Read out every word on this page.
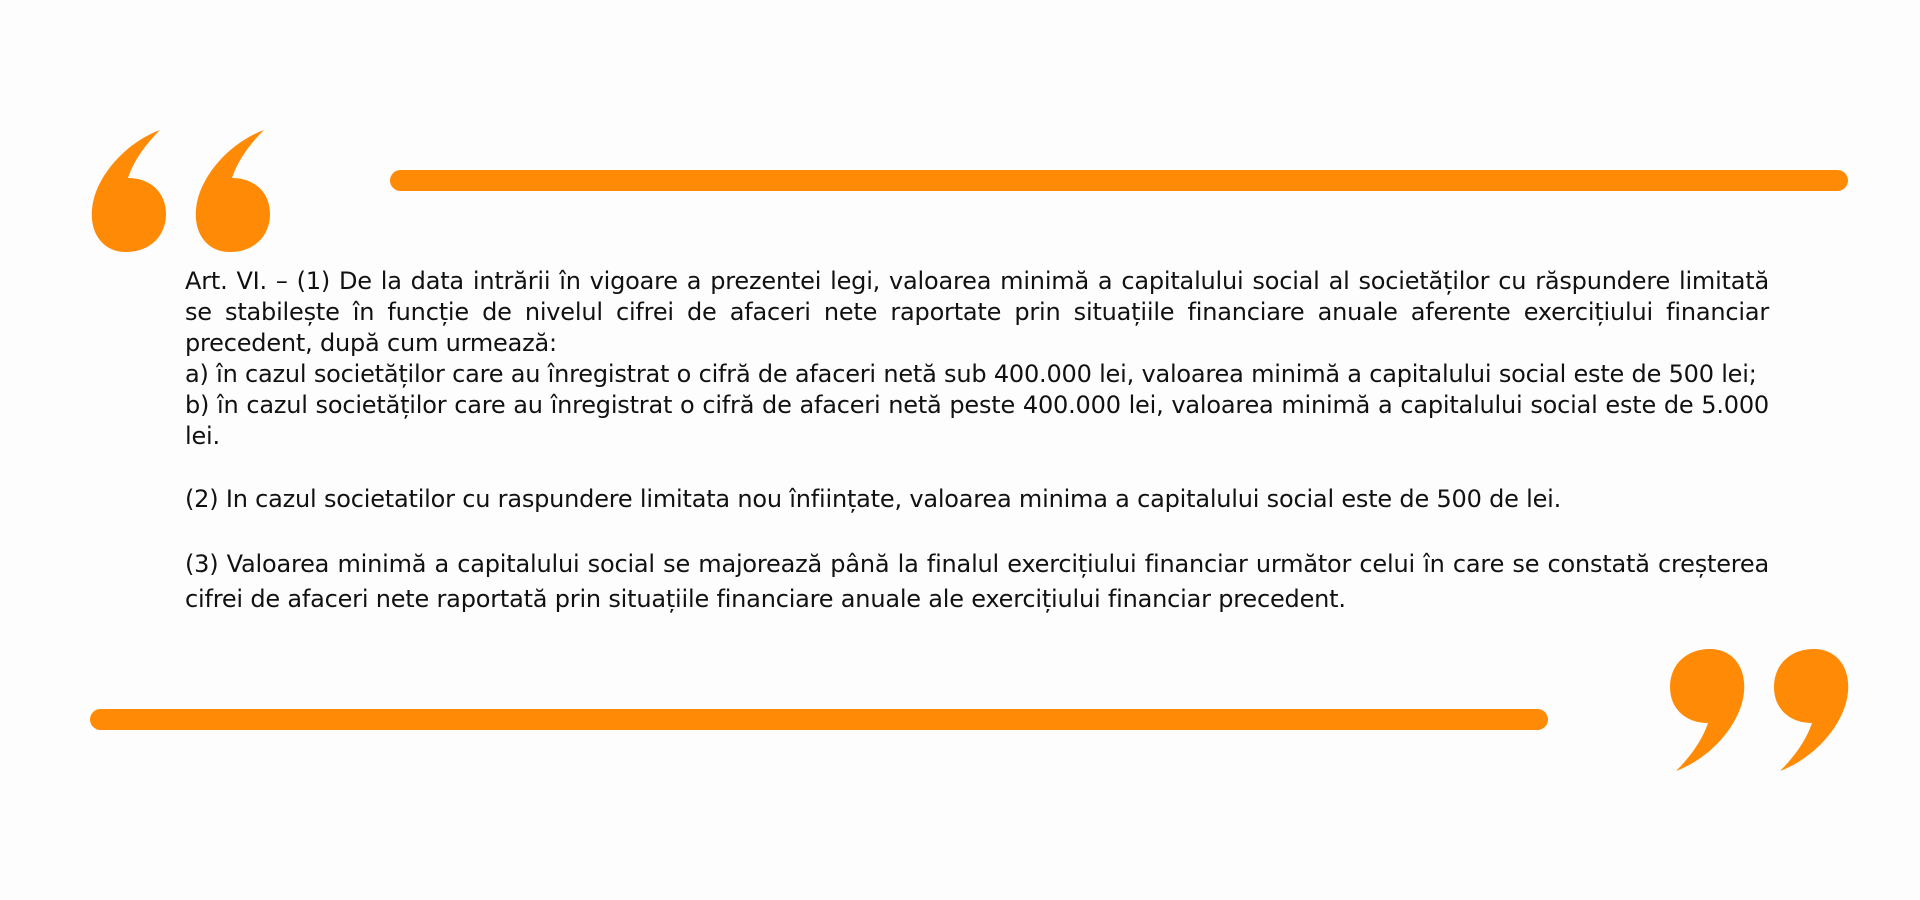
Art. VI. – (1) De la data intrării în vigoare a prezentei legi, valoarea minimă a capitalului social al societăților cu răspundere limitată se stabilește în funcție de nivelul cifrei de afaceri nete raportate prin situațiile financiare anuale aferente exercițiului financiar precedent, după cum urmează:
a) în cazul societăților care au înregistrat o cifră de afaceri netă sub 400.000 lei, valoarea minimă a capitalului social este de 500 lei;
b) în cazul societăților care au înregistrat o cifră de afaceri netă peste 400.000 lei, valoarea minimă a capitalului social este de 5.000 lei.

(2) In cazul societatilor cu raspundere limitata nou înființate, valoarea minima a capitalului social este de 500 de lei.

(3) Valoarea minimă a capitalului social se majorează până la finalul exercițiului financiar următor celui în care se constată creșterea cifrei de afaceri nete raportată prin situațiile financiare anuale ale exercițiului financiar precedent.
